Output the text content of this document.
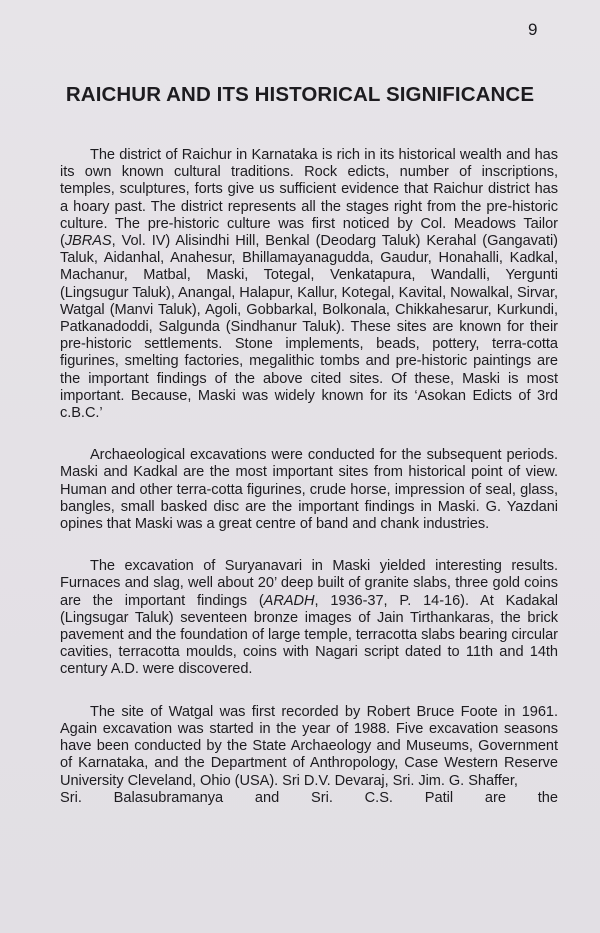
9
RAICHUR AND ITS HISTORICAL SIGNIFICANCE

The district of Raichur in Karnataka is rich in its historical wealth and has its own known cultural traditions. Rock edicts, number of inscriptions, temples, sculptures, forts give us sufficient evidence that Raichur district has a hoary past. The district represents all the stages right from the pre-historic culture. The pre-historic culture was first noticed by Col. Meadows Tailor (JBRAS, Vol. IV) Alisindhi Hill, Benkal (Deodarg Taluk) Kerahal (Gangavati) Taluk, Aidanhal, Anahesur, Bhillamayanagudda, Gaudur, Honahalli, Kadkal, Machanur, Matbal, Maski, Totegal, Venkatapura, Wandalli, Yergunti (Lingsugur Taluk), Anangal, Halapur, Kallur, Kotegal, Kavital, Nowalkal, Sirvar, Watgal (Manvi Taluk), Agoli, Gobbarkal, Bolkonala, Chikkahesarur, Kurkundi, Patkanadoddi, Salgunda (Sindhanur Taluk). These sites are known for their pre-historic settlements. Stone implements, beads, pottery, terra-cotta figurines, smelting factories, megalithic tombs and pre-historic paintings are the important findings of the above cited sites. Of these, Maski is most important. Because, Maski was widely known for its ‘Asokan Edicts of 3rd c.B.C.’

Archaeological excavations were conducted for the subsequent periods. Maski and Kadkal are the most important sites from historical point of view. Human and other terra-cotta figurines, crude horse, impression of seal, glass, bangles, small basked disc are the important findings in Maski. G. Yazdani opines that Maski was a great centre of band and chank industries.

The excavation of Suryanavari in Maski yielded interesting results. Furnaces and slag, well about 20’ deep built of granite slabs, three gold coins are the important findings (ARADH, 1936-37, P. 14-16). At Kadakal (Lingsugar Taluk) seventeen bronze images of Jain Tirthankaras, the brick pavement and the foundation of large temple, terracotta slabs bearing circular cavities, terracotta moulds, coins with Nagari script dated to 11th and 14th century A.D. were discovered.

The site of Watgal was first recorded by Robert Bruce Foote in 1961. Again excavation was started in the year of 1988. Five excavation seasons have been conducted by the State Archaeology and Museums, Government of Karnataka, and the Department of Anthropology, Case Western Reserve University Cleveland, Ohio (USA). Sri D.V. Devaraj, Sri. Jim. G. Shaffer,

Sri. Balasubramanya and Sri. C.S. Patil are the
